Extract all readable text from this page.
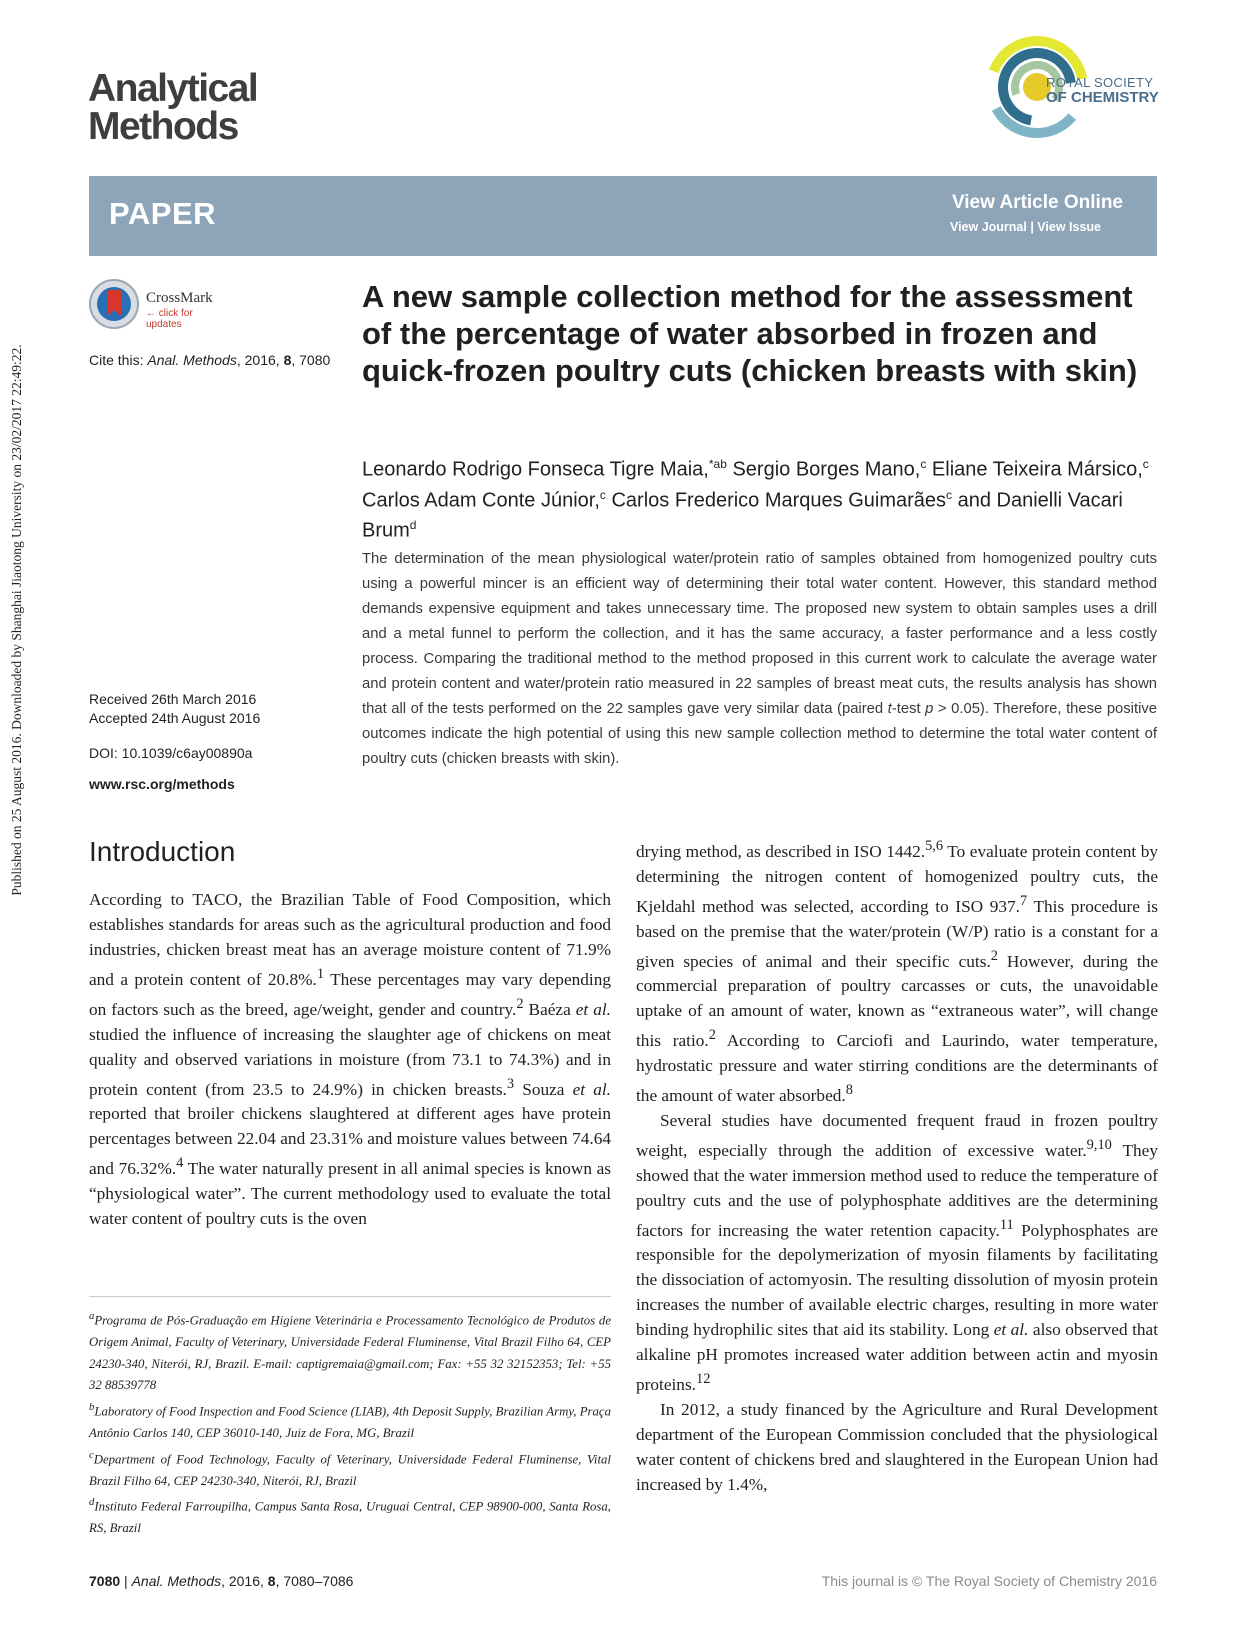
Published on 25 August 2016. Downloaded by Shanghai Jiaotong University on 23/02/2017 22:49:22.
Analytical
Methods
ROYAL SOCIETY
OF CHEMISTRY
PAPER	View Article Online
View Journal | View Issue
CrossMark
← click for updates
Cite this: Anal. Methods, 2016, 8, 7080
A new sample collection method for the assessment of the percentage of water absorbed in frozen and quick-frozen poultry cuts (chicken breasts with skin)
Leonardo Rodrigo Fonseca Tigre Maia,$^{*ab}$ Sergio Borges Mano,$^c$ Eliane Teixeira Mársico,$^c$ Carlos Adam Conte Júnior,$^c$ Carlos Frederico Marques Guimarães$^c$ and Danielli Vacari Brum$^d$
The determination of the mean physiological water/protein ratio of samples obtained from homogenized poultry cuts using a powerful mincer is an efficient way of determining their total water content. However, this standard method demands expensive equipment and takes unnecessary time. The proposed new system to obtain samples uses a drill and a metal funnel to perform the collection, and it has the same accuracy, a faster performance and a less costly process. Comparing the traditional method to the method proposed in this current work to calculate the average water and protein content and water/protein ratio measured in 22 samples of breast meat cuts, the results analysis has shown that all of the tests performed on the 22 samples gave very similar data (paired t-test p > 0.05). Therefore, these positive outcomes indicate the high potential of using this new sample collection method to determine the total water content of poultry cuts (chicken breasts with skin).
Received 26th March 2016
Accepted 24th August 2016
DOI: 10.1039/c6ay00890a
www.rsc.org/methods
Introduction

According to TACO, the Brazilian Table of Food Composition, which establishes standards for areas such as the agricultural production and food industries, chicken breast meat has an average moisture content of 71.9% and a protein content of 20.8%.$^1$ These percentages may vary depending on factors such as the breed, age/weight, gender and country.$^2$ Baéza et al. studied the influence of increasing the slaughter age of chickens on meat quality and observed variations in moisture (from 73.1 to 74.3%) and in protein content (from 23.5 to 24.9%) in chicken breasts.$^3$ Souza et al. reported that broiler chickens slaughtered at different ages have protein percentages between 22.04 and 23.31% and moisture values between 74.64 and 76.32%.$^4$ The water naturally present in all animal species is known as “physiological water”. The current methodology used to evaluate the total water content of poultry cuts is the oven

$^a$Programa de Pós-Graduação em Higiene Veterinária e Processamento Tecnológico de Produtos de Origem Animal, Faculty of Veterinary, Universidade Federal Fluminense, Vital Brazil Filho 64, CEP 24230-340, Niterói, RJ, Brazil. E-mail: captigremaia@gmail.com; Fax: +55 32 32152353; Tel: +55 32 88539778

$^b$Laboratory of Food Inspection and Food Science (LIAB), 4th Deposit Supply, Brazilian Army, Praça Antônio Carlos 140, CEP 36010-140, Juiz de Fora, MG, Brazil

$^c$Department of Food Technology, Faculty of Veterinary, Universidade Federal Fluminense, Vital Brazil Filho 64, CEP 24230-340, Niterói, RJ, Brazil

$^d$Instituto Federal Farroupilha, Campus Santa Rosa, Uruguai Central, CEP 98900-000, Santa Rosa, RS, Brazil

drying method, as described in ISO 1442.$^{5,6}$ To evaluate protein content by determining the nitrogen content of homogenized poultry cuts, the Kjeldahl method was selected, according to ISO 937.$^7$ This procedure is based on the premise that the water/protein (W/P) ratio is a constant for a given species of animal and their specific cuts.$^2$ However, during the commercial preparation of poultry carcasses or cuts, the unavoidable uptake of an amount of water, known as “extraneous water”, will change this ratio.$^2$ According to Carciofi and Laurindo, water temperature, hydrostatic pressure and water stirring conditions are the determinants of the amount of water absorbed.$^8$

Several studies have documented frequent fraud in frozen poultry weight, especially through the addition of excessive water.$^{9,10}$ They showed that the water immersion method used to reduce the temperature of poultry cuts and the use of polyphosphate additives are the determining factors for increasing the water retention capacity.$^{11}$ Polyphosphates are responsible for the depolymerization of myosin filaments by facilitating the dissociation of actomyosin. The resulting dissolution of myosin protein increases the number of available electric charges, resulting in more water binding hydrophilic sites that aid its stability. Long et al. also observed that alkaline pH promotes increased water addition between actin and myosin proteins.$^{12}$

In 2012, a study financed by the Agriculture and Rural Development department of the European Commission concluded that the physiological water content of chickens bred and slaughtered in the European Union had increased by 1.4%,

7080 | Anal. Methods, 2016, 8, 7080–7086	This journal is © The Royal Society of Chemistry 2016
